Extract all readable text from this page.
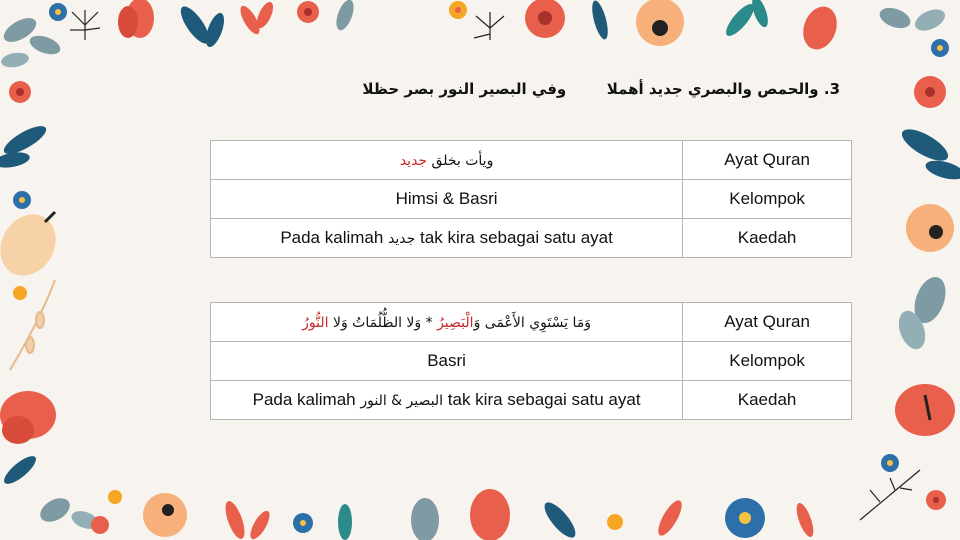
3. والحمص والبصري جديد أهملا  وفي البصير النور بصر حظلا
ويأت بخلق جديد	Ayat Quran
Himsi & Basri	Kelompok
Pada kalimah جديد tak kira sebagai satu ayat	Kaedah
وَمَا يَسْتَوِي الأَعْمَى وَالْبَصِيرُ * وَلا الظُّلُمَاتُ وَلا النُّورُ	Ayat Quran
Basri	Kelompok
Pada kalimah البصير & النور tak kira sebagai satu ayat	Kaedah
